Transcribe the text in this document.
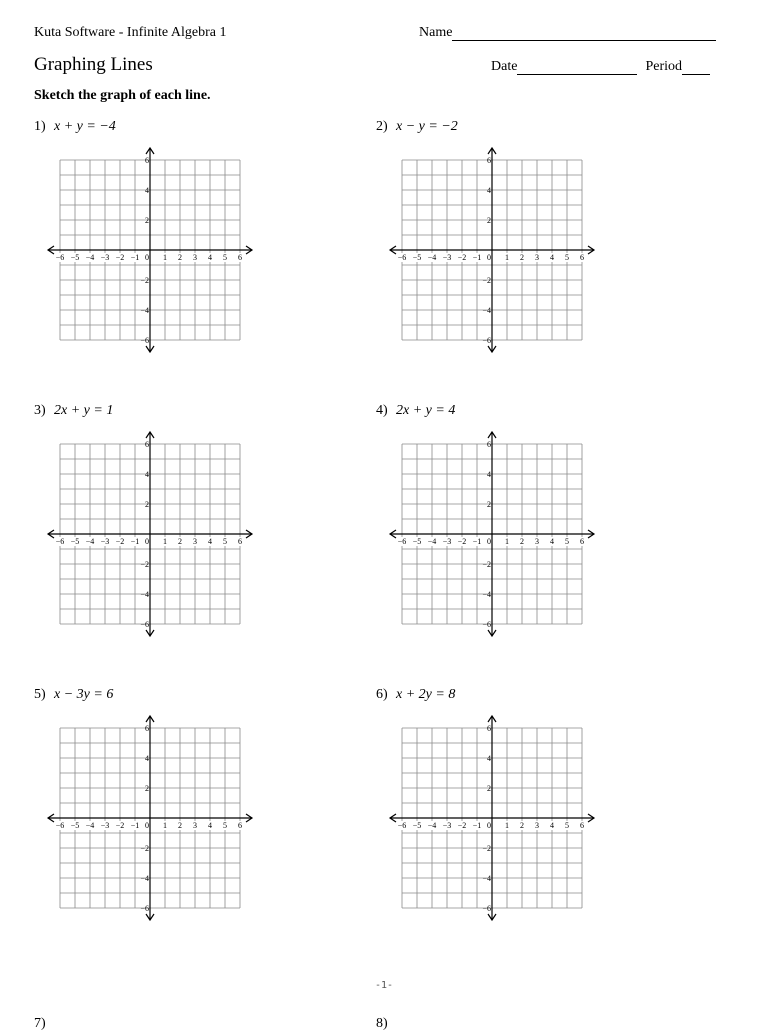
Kuta Software - Infinite Algebra 1	Name
Graphing Lines	Date	Period
Sketch the graph of each line.
1) x + y = −4
−6 −5 −4 −3 −2 −1 0 1 2 3 4 5 6
6
4
2
−2
−4
−6
2) x − y = −2
−6 −5 −4 −3 −2 −1 0 1 2 3 4 5 6
6
4
2
−2
−4
−6
3) 2x + y = 1
−6 −5 −4 −3 −2 −1 0 1 2 3 4 5 6
6
4
2
−2
−4
−6
4) 2x + y = 4
−6 −5 −4 −3 −2 −1 0 1 2 3 4 5 6
6
4
2
−2
−4
−6
5) x − 3y = 6
−6 −5 −4 −3 −2 −1 0 1 2 3 4 5 6
6
4
2
−2
−4
−6
6) x + 2y = 8
−6 −5 −4 −3 −2 −1 0 1 2 3 4 5 6
6
4
2
−2
−4
−6
-1-
7)	8)
